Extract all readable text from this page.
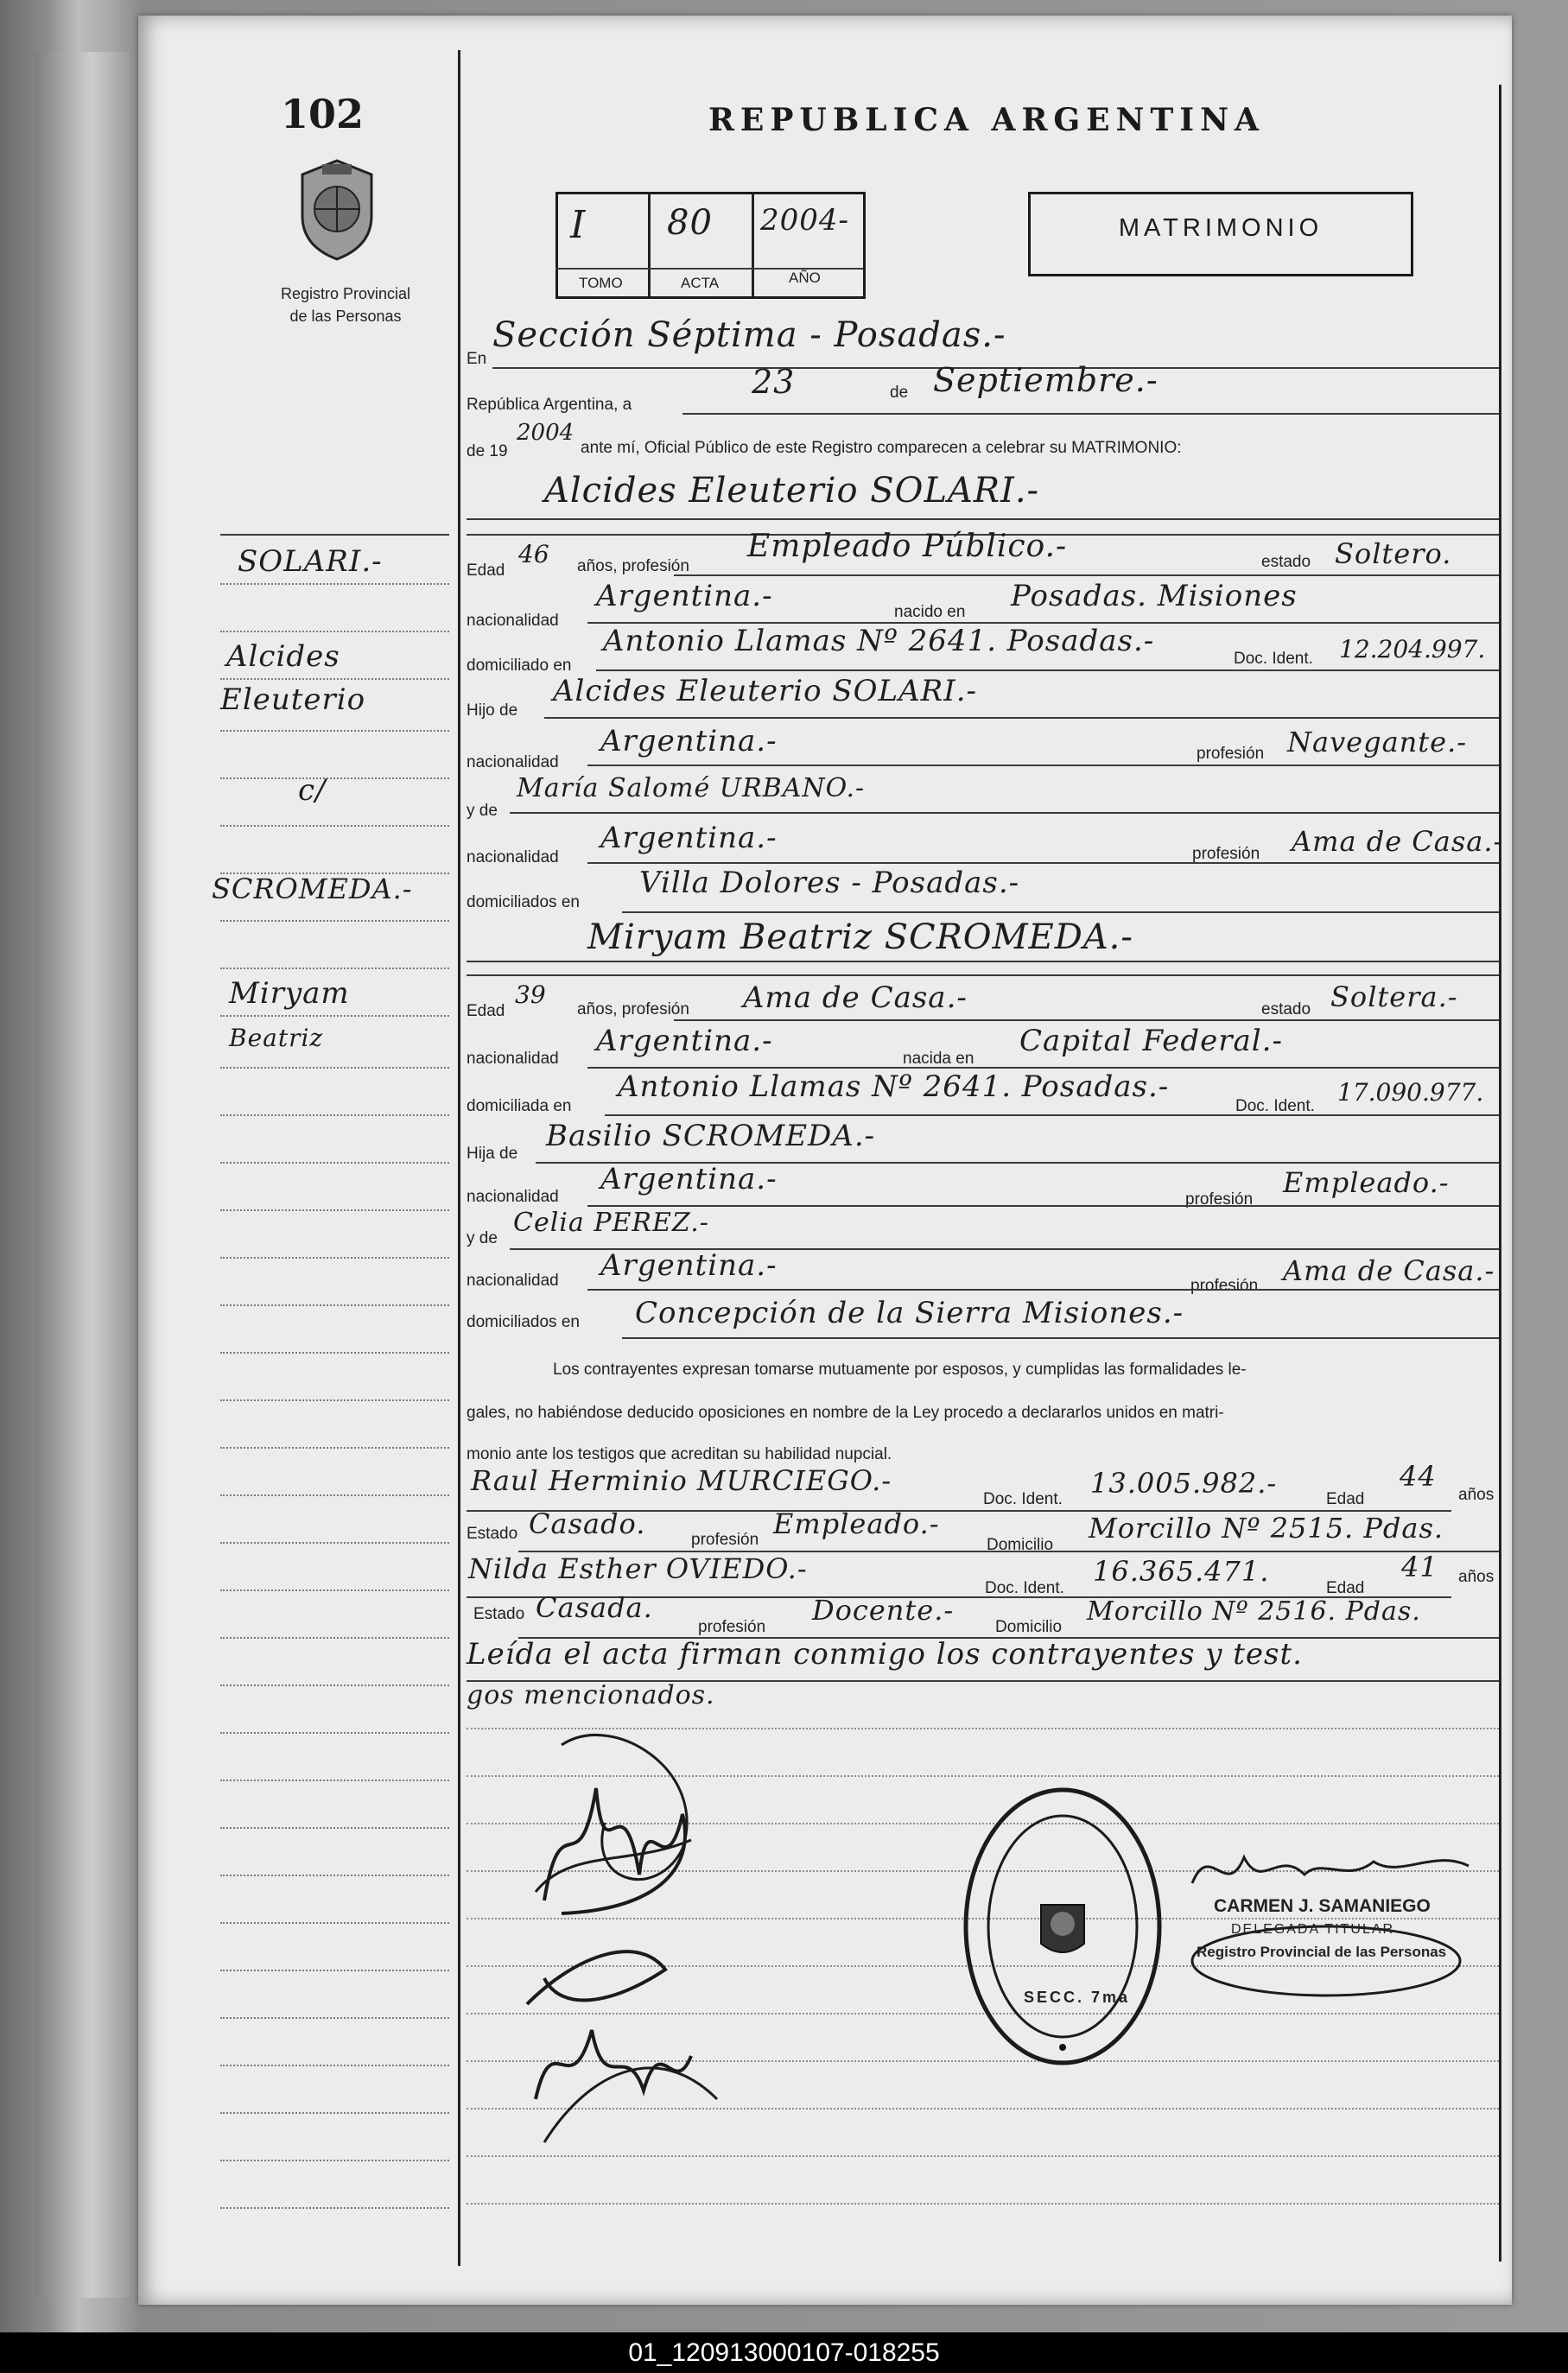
102
Registro Provincial
de las Personas
REPUBLICA ARGENTINA
I 80 2004-
TOMO	ACTA	AÑO
MATRIMONIO
En
Sección Séptima - Posadas.-
República Argentina, a
23	de Septiembre.-
de 19
2004
ante mí, Oficial Público de este Registro comparecen a celebrar su MATRIMONIO:
Alcides Eleuterio SOLARI.-
SOLARI.-
Alcides
Eleuterio
c/
SCROMEDA.-
Miryam
Beatriz
Edad
46 años, profesión
Empleado Público.-	estado Soltero.
nacionalidad
Argentina.-	nacido en Posadas. Misiones
domiciliado en
Antonio Llamas Nº 2641. Posadas.-
Doc. Ident. 12.204.997.
Hijo de
Alcides Eleuterio SOLARI.-
nacionalidad
Argentina.-	profesión Navegante.-
y de
María Salomé URBANO.-
nacionalidad
Argentina.-	profesión Ama de Casa.-
domiciliados en
Villa Dolores - Posadas.-
Miryam Beatriz SCROMEDA.-
Edad
39
años, profesión Ama de Casa.-	estado Soltera.-
nacionalidad
Argentina.-
nacida en
Capital Federal.-
domiciliada en
Antonio Llamas Nº 2641. Posadas.-
Doc. Ident. 17.090.977.
Hija de
Basilio SCROMEDA.-
nacionalidad
Argentina.-
profesión
Empleado.-
y de
Celia PEREZ.-
nacionalidad Argentina.-
profesión Ama de Casa.-
domiciliados en Concepción de la Sierra Misiones.-
Los contrayentes expresan tomarse mutuamente por esposos, y cumplidas las formalidades le-
gales, no habiéndose deducido oposiciones en nombre de la Ley procedo a declararlos unidos en matri-
monio ante los testigos que acreditan su habilidad nupcial.
Raul Herminio MURCIEGO.-
Doc. Ident. 13.005.982.-	Edad
44
años
Estado Casado.	profesión Empleado.-
Domicilio
Morcillo Nº 2515. Pdas.
Nilda Esther OVIEDO.-
Doc. Ident.
16.365.471.
Edad
41 años
Estado Casada.
profesión
Docente.-
Domicilio
Morcillo Nº 2516. Pdas.
Leída el acta firman conmigo los contrayentes y test.
gos mencionados.
SECC. 7ma
CARMEN J. SAMANIEGO
DELEGADA TITULAR
Registro Provincial de las Personas
01_120913000107-018255
